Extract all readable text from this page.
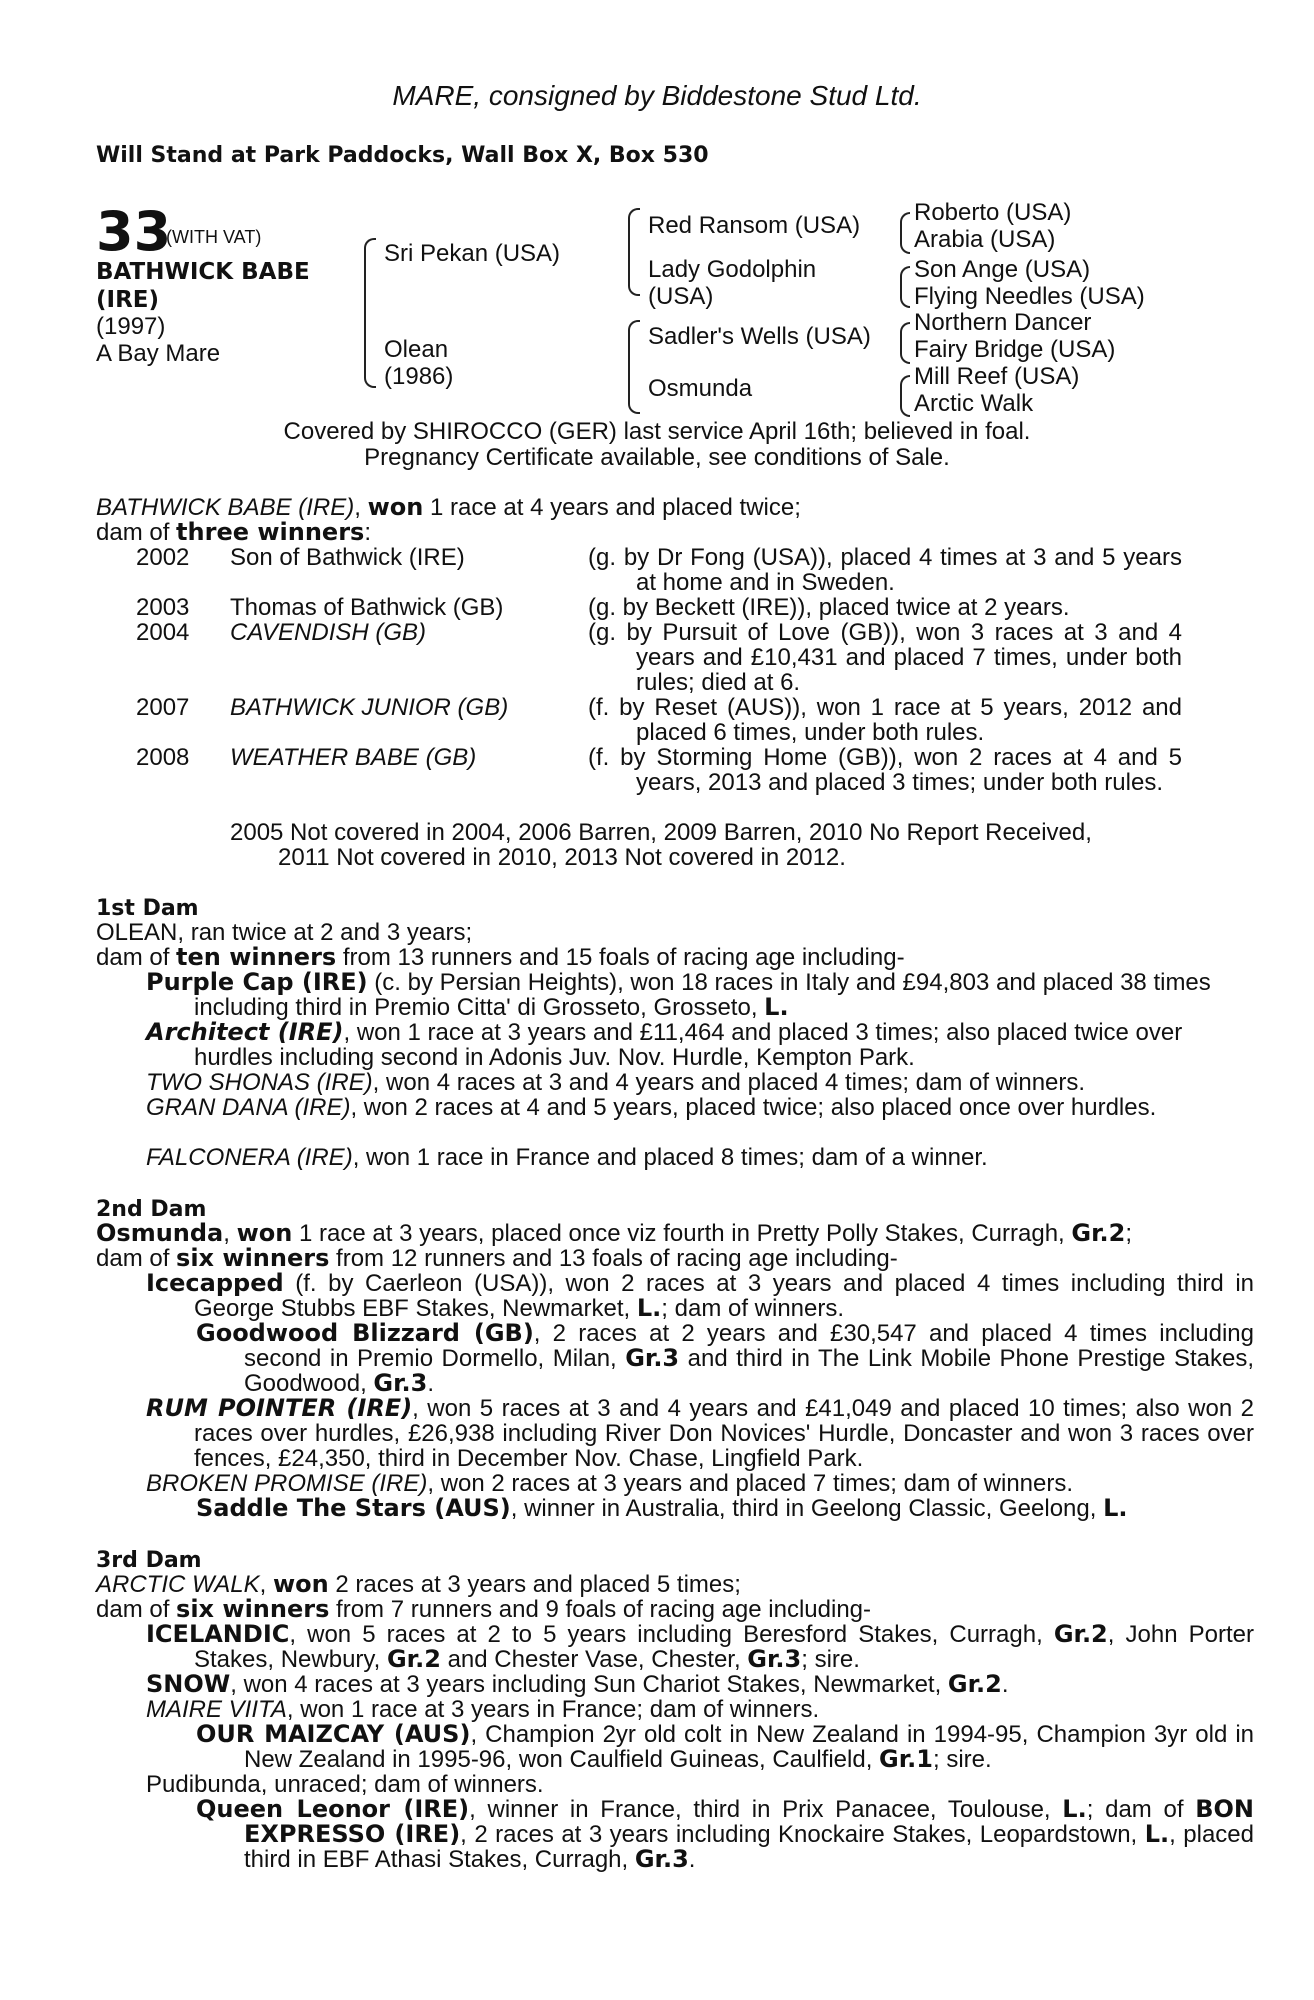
MARE, consigned by Biddestone Stud Ltd.
Will Stand at Park Paddocks, Wall Box X, Box 530
33
(WITH VAT)
BATHWICK BABE (IRE)
(1997)
A Bay Mare
Sri Pekan (USA)
Olean
(1986)
Red Ransom (USA)
Lady Godolphin
(USA)
Sadler's Wells (USA)
Osmunda
Roberto (USA)
Arabia (USA)
Son Ange (USA)
Flying Needles (USA)
Northern Dancer
Fairy Bridge (USA)
Mill Reef (USA)
Arctic Walk
Covered by SHIROCCO (GER) last service April 16th; believed in foal.
Pregnancy Certificate available, see conditions of Sale.
BATHWICK BABE (IRE), won 1 race at 4 years and placed twice;
dam of three winners:
2002 Son of Bathwick (IRE)	(g. by Dr Fong (USA)), placed 4 times at 3 and 5 years at home and in Sweden.
2003 Thomas of Bathwick (GB)	(g. by Beckett (IRE)), placed twice at 2 years.
2004 CAVENDISH (GB)	(g. by Pursuit of Love (GB)), won 3 races at 3 and 4 years and £10,431 and placed 7 times, under both rules; died at 6.
2007 BATHWICK JUNIOR (GB)	(f. by Reset (AUS)), won 1 race at 5 years, 2012 and placed 6 times, under both rules.
2008 WEATHER BABE (GB)	(f. by Storming Home (GB)), won 2 races at 4 and 5 years, 2013 and placed 3 times; under both rules.
2005 Not covered in 2004, 2006 Barren, 2009 Barren, 2010 No Report Received,
2011 Not covered in 2010, 2013 Not covered in 2012.
1st Dam
OLEAN, ran twice at 2 and 3 years;
dam of ten winners from 13 runners and 15 foals of racing age including-
Purple Cap (IRE) (c. by Persian Heights), won 18 races in Italy and £94,803 and placed 38 times including third in Premio Citta' di Grosseto, Grosseto, L.
Architect (IRE), won 1 race at 3 years and £11,464 and placed 3 times; also placed twice over hurdles including second in Adonis Juv. Nov. Hurdle, Kempton Park.
TWO SHONAS (IRE), won 4 races at 3 and 4 years and placed 4 times; dam of winners.
GRAN DANA (IRE), won 2 races at 4 and 5 years, placed twice; also placed once over hurdles.
FALCONERA (IRE), won 1 race in France and placed 8 times; dam of a winner.
2nd Dam
Osmunda, won 1 race at 3 years, placed once viz fourth in Pretty Polly Stakes, Curragh, Gr.2;
dam of six winners from 12 runners and 13 foals of racing age including-
Icecapped (f. by Caerleon (USA)), won 2 races at 3 years and placed 4 times including third in George Stubbs EBF Stakes, Newmarket, L.; dam of winners.
Goodwood Blizzard (GB), 2 races at 2 years and £30,547 and placed 4 times including second in Premio Dormello, Milan, Gr.3 and third in The Link Mobile Phone Prestige Stakes, Goodwood, Gr.3.
RUM POINTER (IRE), won 5 races at 3 and 4 years and £41,049 and placed 10 times; also won 2 races over hurdles, £26,938 including River Don Novices' Hurdle, Doncaster and won 3 races over fences, £24,350, third in December Nov. Chase, Lingfield Park.
BROKEN PROMISE (IRE), won 2 races at 3 years and placed 7 times; dam of winners.
Saddle The Stars (AUS), winner in Australia, third in Geelong Classic, Geelong, L.
3rd Dam
ARCTIC WALK, won 2 races at 3 years and placed 5 times;
dam of six winners from 7 runners and 9 foals of racing age including-
ICELANDIC, won 5 races at 2 to 5 years including Beresford Stakes, Curragh, Gr.2, John Porter Stakes, Newbury, Gr.2 and Chester Vase, Chester, Gr.3; sire.
SNOW, won 4 races at 3 years including Sun Chariot Stakes, Newmarket, Gr.2.
MAIRE VIITA, won 1 race at 3 years in France; dam of winners.
OUR MAIZCAY (AUS), Champion 2yr old colt in New Zealand in 1994-95, Champion 3yr old in New Zealand in 1995-96, won Caulfield Guineas, Caulfield, Gr.1; sire.
Pudibunda, unraced; dam of winners.
Queen Leonor (IRE), winner in France, third in Prix Panacee, Toulouse, L.; dam of BON EXPRESSO (IRE), 2 races at 3 years including Knockaire Stakes, Leopardstown, L., placed third in EBF Athasi Stakes, Curragh, Gr.3.
